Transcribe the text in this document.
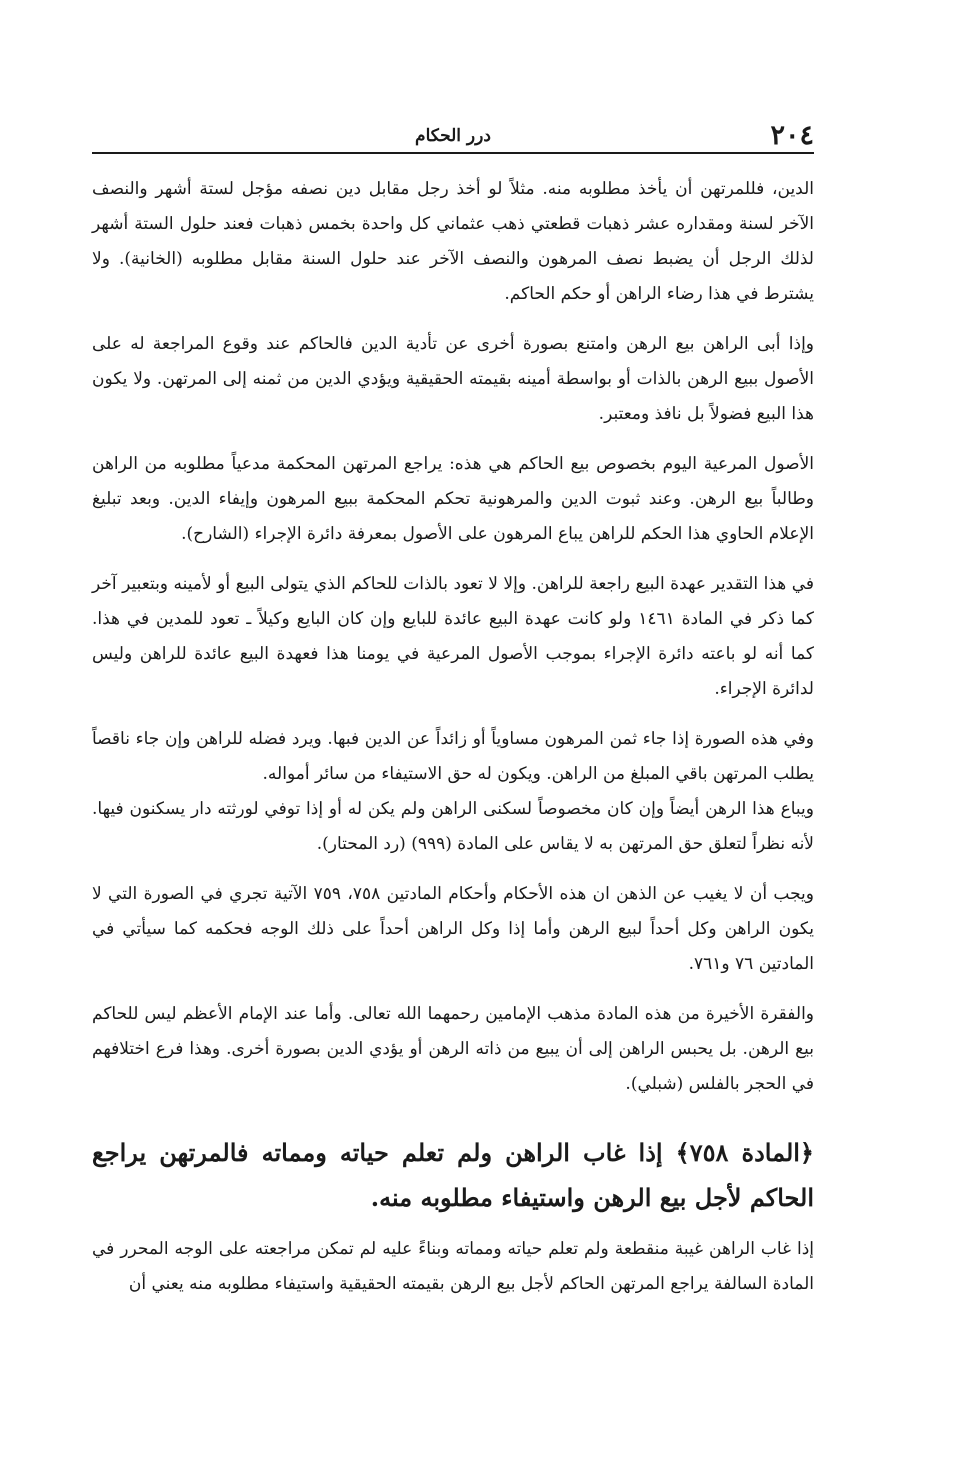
٢٠٤
درر الحكام

الدين، فللمرتهن أن يأخذ مطلوبه منه. مثلاً لو أخذ رجل مقابل دين نصفه مؤجل لستة أشهر والنصف الآخر لسنة ومقداره عشر ذهبات قطعتي ذهب عثماني كل واحدة بخمس ذهبات فعند حلول الستة أشهر لذلك الرجل أن يضبط نصف المرهون والنصف الآخر عند حلول السنة مقابل مطلوبه (الخانية). ولا يشترط في هذا رضاء الراهن أو حكم الحاكم.

وإذا أبى الراهن بيع الرهن وامتنع بصورة أخرى عن تأدية الدين فالحاكم عند وقوع المراجعة له على الأصول ببيع الرهن بالذات أو بواسطة أمينه بقيمته الحقيقية ويؤدي الدين من ثمنه إلى المرتهن. ولا يكون هذا البيع فضولاً بل نافذ ومعتبر.

الأصول المرعية اليوم بخصوص بيع الحاكم هي هذه: يراجع المرتهن المحكمة مدعياً مطلوبه من الراهن وطالباً بيع الرهن. وعند ثبوت الدين والمرهونية تحكم المحكمة ببيع المرهون وإيفاء الدين. وبعد تبليغ الإعلام الحاوي هذا الحكم للراهن يباع المرهون على الأصول بمعرفة دائرة الإجراء (الشارح).

في هذا التقدير عهدة البيع راجعة للراهن. وإلا لا تعود بالذات للحاكم الذي يتولى البيع أو لأمينه وبتعبير آخر كما ذكر في المادة ١٤٦١ ولو كانت عهدة البيع عائدة للبايع وإن كان البايع وكيلاً ـ تعود للمدين في هذا. كما أنه لو باعته دائرة الإجراء بموجب الأصول المرعية في يومنا هذا فعهدة البيع عائدة للراهن وليس لدائرة الإجراء.

وفي هذه الصورة إذا جاء ثمن المرهون مساوياً أو زائداً عن الدين فبها. ويرد فضله للراهن وإن جاء ناقصاً يطلب المرتهن باقي المبلغ من الراهن. ويكون له حق الاستيفاء من سائر أمواله.

ويباع هذا الرهن أيضاً وإن كان مخصوصاً لسكنى الراهن ولم يكن له أو إذا توفي لورثته دار يسكنون فيها. لأنه نظراً لتعلق حق المرتهن به لا يقاس على المادة (٩٩٩) (رد المحتار).

ويجب أن لا يغيب عن الذهن ان هذه الأحكام وأحكام المادتين ٧٥٨، ٧٥٩ الآتية تجري في الصورة التي لا يكون الراهن وكل أحداً لبيع الرهن وأما إذا وكل الراهن أحداً على ذلك الوجه فحكمه كما سيأتي في المادتين ٧٦ و٧٦١.

والفقرة الأخيرة من هذه المادة مذهب الإمامين رحمهما الله تعالى. وأما عند الإمام الأعظم ليس للحاكم بيع الرهن. بل يحبس الراهن إلى أن يبيع من ذاته الرهن أو يؤدي الدين بصورة أخرى. وهذا فرع اختلافهم في الحجر بالفلس (شبلي).

﴿المادة ٧٥٨﴾ إذا غاب الراهن ولم تعلم حياته ومماته فالمرتهن يراجع الحاكم لأجل بيع الرهن واستيفاء مطلوبه منه.

إذا غاب الراهن غيبة منقطعة ولم تعلم حياته ومماته وبناءً عليه لم تمكن مراجعته على الوجه المحرر في المادة السالفة يراجع المرتهن الحاكم لأجل بيع الرهن بقيمته الحقيقية واستيفاء مطلوبه منه يعني أن
